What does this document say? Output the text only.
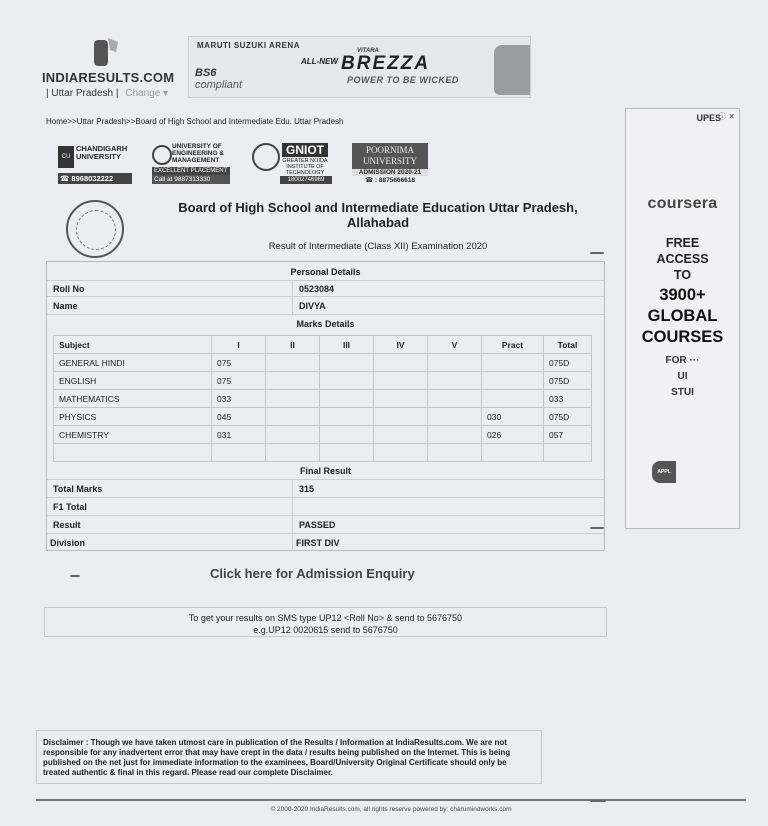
INDIARESULTS.COM
| Uttar Pradesh | Change ▾
MARUTI SUZUKI ARENA
BS6
compliant
ALL-NEW
VITARA
BREZZA
POWER TO BE WICKED
Home>>Uttar Pradesh>>Board of High School and Intermediate Edu. Uttar Pradesh
CU
CHANDIGARH UNIVERSITY
☎ 8968032222
UNIVERSITY OF ENGINEERING & MANAGEMENT
EXCELLENT PLACEMENT
Call at 9887313330
GNIOT
GREATER NOIDA INSTITUTE OF TECHNOLOGY
18002746969
POORNIMA UNIVERSITY
ADMISSION 2020-21
☎ : 8875666618
Board of High School and Intermediate Education Uttar Pradesh, Allahabad
Result of Intermediate (Class XII) Examination 2020
Personal Details
Roll No	0523084
Name	DIVYA
Marks Details
Subject	I	II	III	IV	V	Pract	Total
GENERAL HINDI	075						075D
ENGLISH	075						075D
MATHEMATICS	033						033
PHYSICS	045					030	075D
CHEMISTRY	031					026	057

Final Result
Total Marks	315
F1 Total
Result	PASSED
Division	FIRST DIV
Click here for Admission Enquiry
To get your results on SMS type UP12 <Roll No> & send to 5676750
e.g.UP12 0020615 send to 5676750
Disclaimer : Though we have taken utmost care in publication of the Results / Information at IndiaResults.com. We are not responsible for any inadvertent error that may have crept in the data / results being published on the Internet. This is being published on the net just for immediate information to the examinees, Board/University Original Certificate should only be treated authentic & final in this regard. Please read our complete Disclaimer.
© 2000-2020 IndiaResults.com, all rights reserve powered by: charumindworks.com
UPES
ⓘ ✕
coursera
FREE
ACCESS
TO
3900+
GLOBAL
COURSES
FOR ···
UI
STUI
APPL
